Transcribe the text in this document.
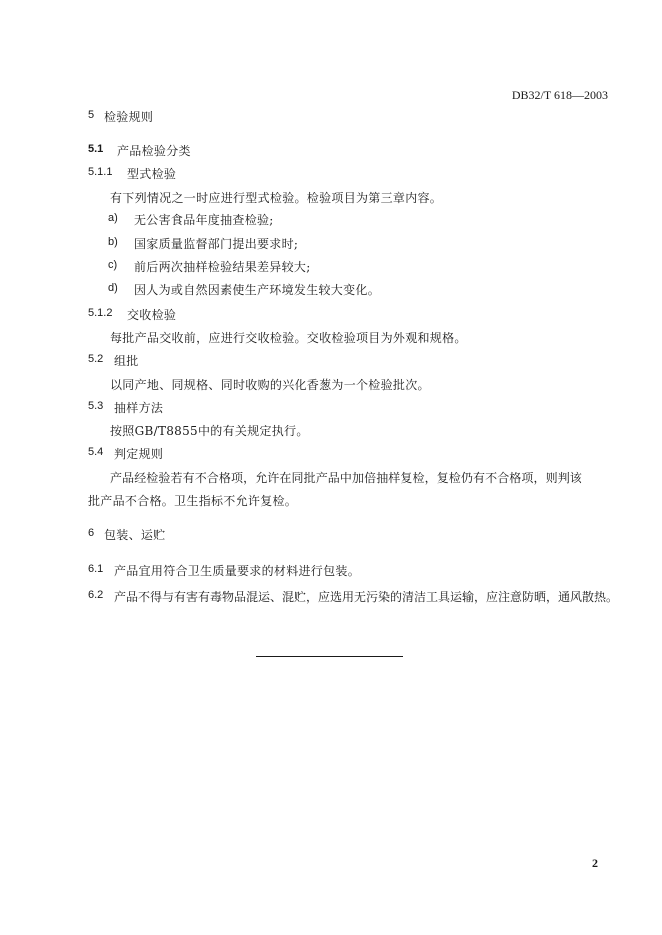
DB32/T 618—2003
5 检验规则
5.1 产品检验分类
5.1.1 型式检验
有下列情况之一时应进行型式检验。检验项目为第三章内容。
a) 无公害食品年度抽查检验;
b) 国家质量监督部门提出要求时;
c) 前后两次抽样检验结果差异较大;
d) 因人为或自然因素使生产环境发生较大变化。
5.1.2 交收检验
每批产品交收前，应进行交收检验。交收检验项目为外观和规格。
5.2 组批
以同产地、同规格、同时收购的兴化香葱为一个检验批次。
5.3 抽样方法
按照GB/T8855中的有关规定执行。
5.4 判定规则
产品经检验若有不合格项，允许在同批产品中加倍抽样复检，复检仍有不合格项，则判该
批产品不合格。卫生指标不允许复检。
6 包装、运贮
6.1 产品宜用符合卫生质量要求的材料进行包装。
6.2 产品不得与有害有毒物品混运、混贮，应选用无污染的清洁工具运输，应注意防晒，通风散热。
2
